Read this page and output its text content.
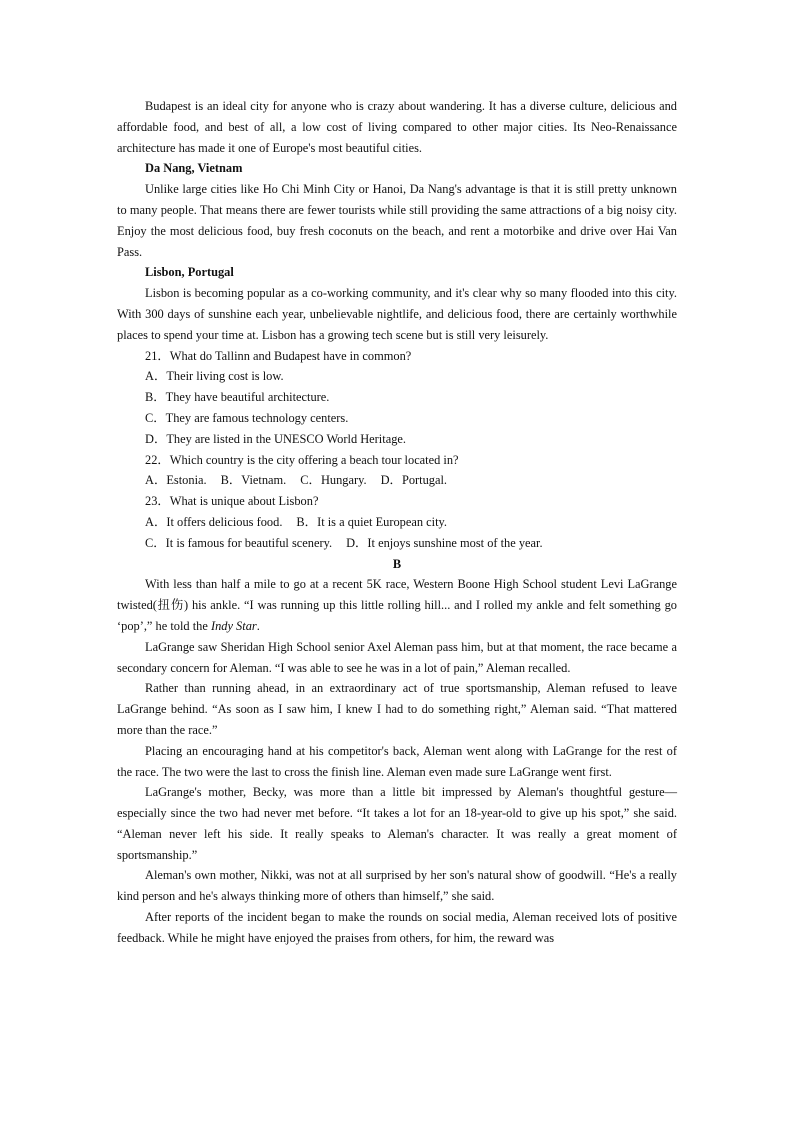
Budapest is an ideal city for anyone who is crazy about wandering. It has a diverse culture, delicious and affordable food, and best of all, a low cost of living compared to other major cities. Its Neo-Renaissance architecture has made it one of Europe's most beautiful cities.

Da Nang, Vietnam

Unlike large cities like Ho Chi Minh City or Hanoi, Da Nang's advantage is that it is still pretty unknown to many people. That means there are fewer tourists while still providing the same attractions of a big noisy city. Enjoy the most delicious food, buy fresh coconuts on the beach, and rent a motorbike and drive over Hai Van Pass.

Lisbon, Portugal

Lisbon is becoming popular as a co-working community, and it's clear why so many flooded into this city. With 300 days of sunshine each year, unbelievable nightlife, and delicious food, there are certainly worthwhile places to spend your time at. Lisbon has a growing tech scene but is still very leisurely.

21．What do Tallinn and Budapest have in common?

A．Their living cost is low.

B．They have beautiful architecture.

C．They are famous technology centers.

D．They are listed in the UNESCO World Heritage.

22．Which country is the city offering a beach tour located in?

A．Estonia. B．Vietnam. C．Hungary. D．Portugal.

23．What is unique about Lisbon?

A．It offers delicious food. B．It is a quiet European city.

C．It is famous for beautiful scenery. D．It enjoys sunshine most of the year.

B

With less than half a mile to go at a recent 5K race, Western Boone High School student Levi LaGrange twisted(扭伤) his ankle. “I was running up this little rolling hill... and I rolled my ankle and felt something go ‘pop’,” he told the Indy Star.

LaGrange saw Sheridan High School senior Axel Aleman pass him, but at that moment, the race became a secondary concern for Aleman. “I was able to see he was in a lot of pain,” Aleman recalled.

Rather than running ahead, in an extraordinary act of true sportsmanship, Aleman refused to leave LaGrange behind. “As soon as I saw him, I knew I had to do something right,” Aleman said. “That mattered more than the race.”

Placing an encouraging hand at his competitor's back, Aleman went along with LaGrange for the rest of the race. The two were the last to cross the finish line. Aleman even made sure LaGrange went first.

LaGrange's mother, Becky, was more than a little bit impressed by Aleman's thoughtful gesture—especially since the two had never met before. “It takes a lot for an 18-year-old to give up his spot,” she said. “Aleman never left his side. It really speaks to Aleman's character. It was really a great moment of sportsmanship.”

Aleman's own mother, Nikki, was not at all surprised by her son's natural show of goodwill. “He's a really kind person and he's always thinking more of others than himself,” she said.

After reports of the incident began to make the rounds on social media, Aleman received lots of positive feedback. While he might have enjoyed the praises from others, for him, the reward was
